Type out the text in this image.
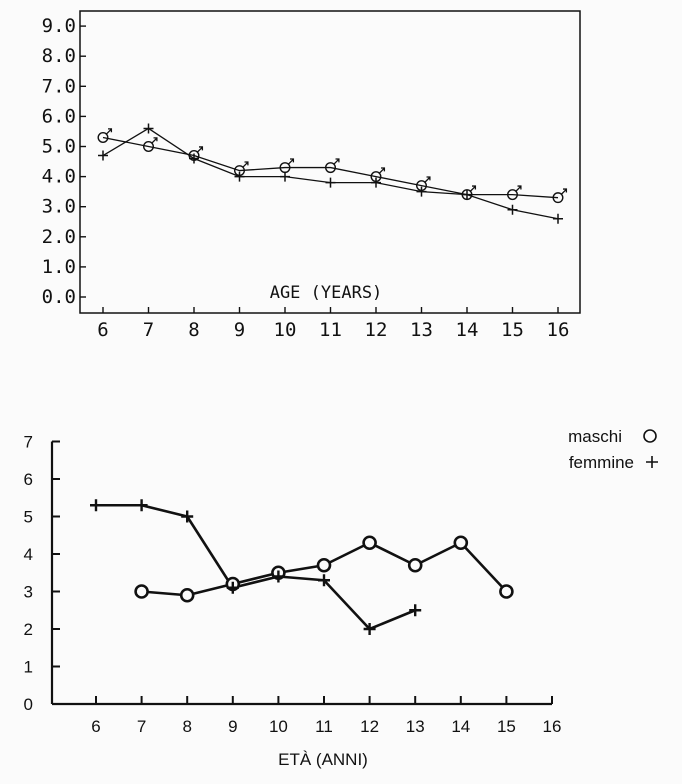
0.0
1.0
2.0
3.0
4.0
5.0
6.0
7.0
8.0
9.0
6 7 8 9 10 11 12 13 14 15 16
AGE (YEARS)
0
1
2
3
4
5
6
7
6 7 8 9 10 11 12 13 14 15 16
ETÀ (ANNI)
maschi
femmine
